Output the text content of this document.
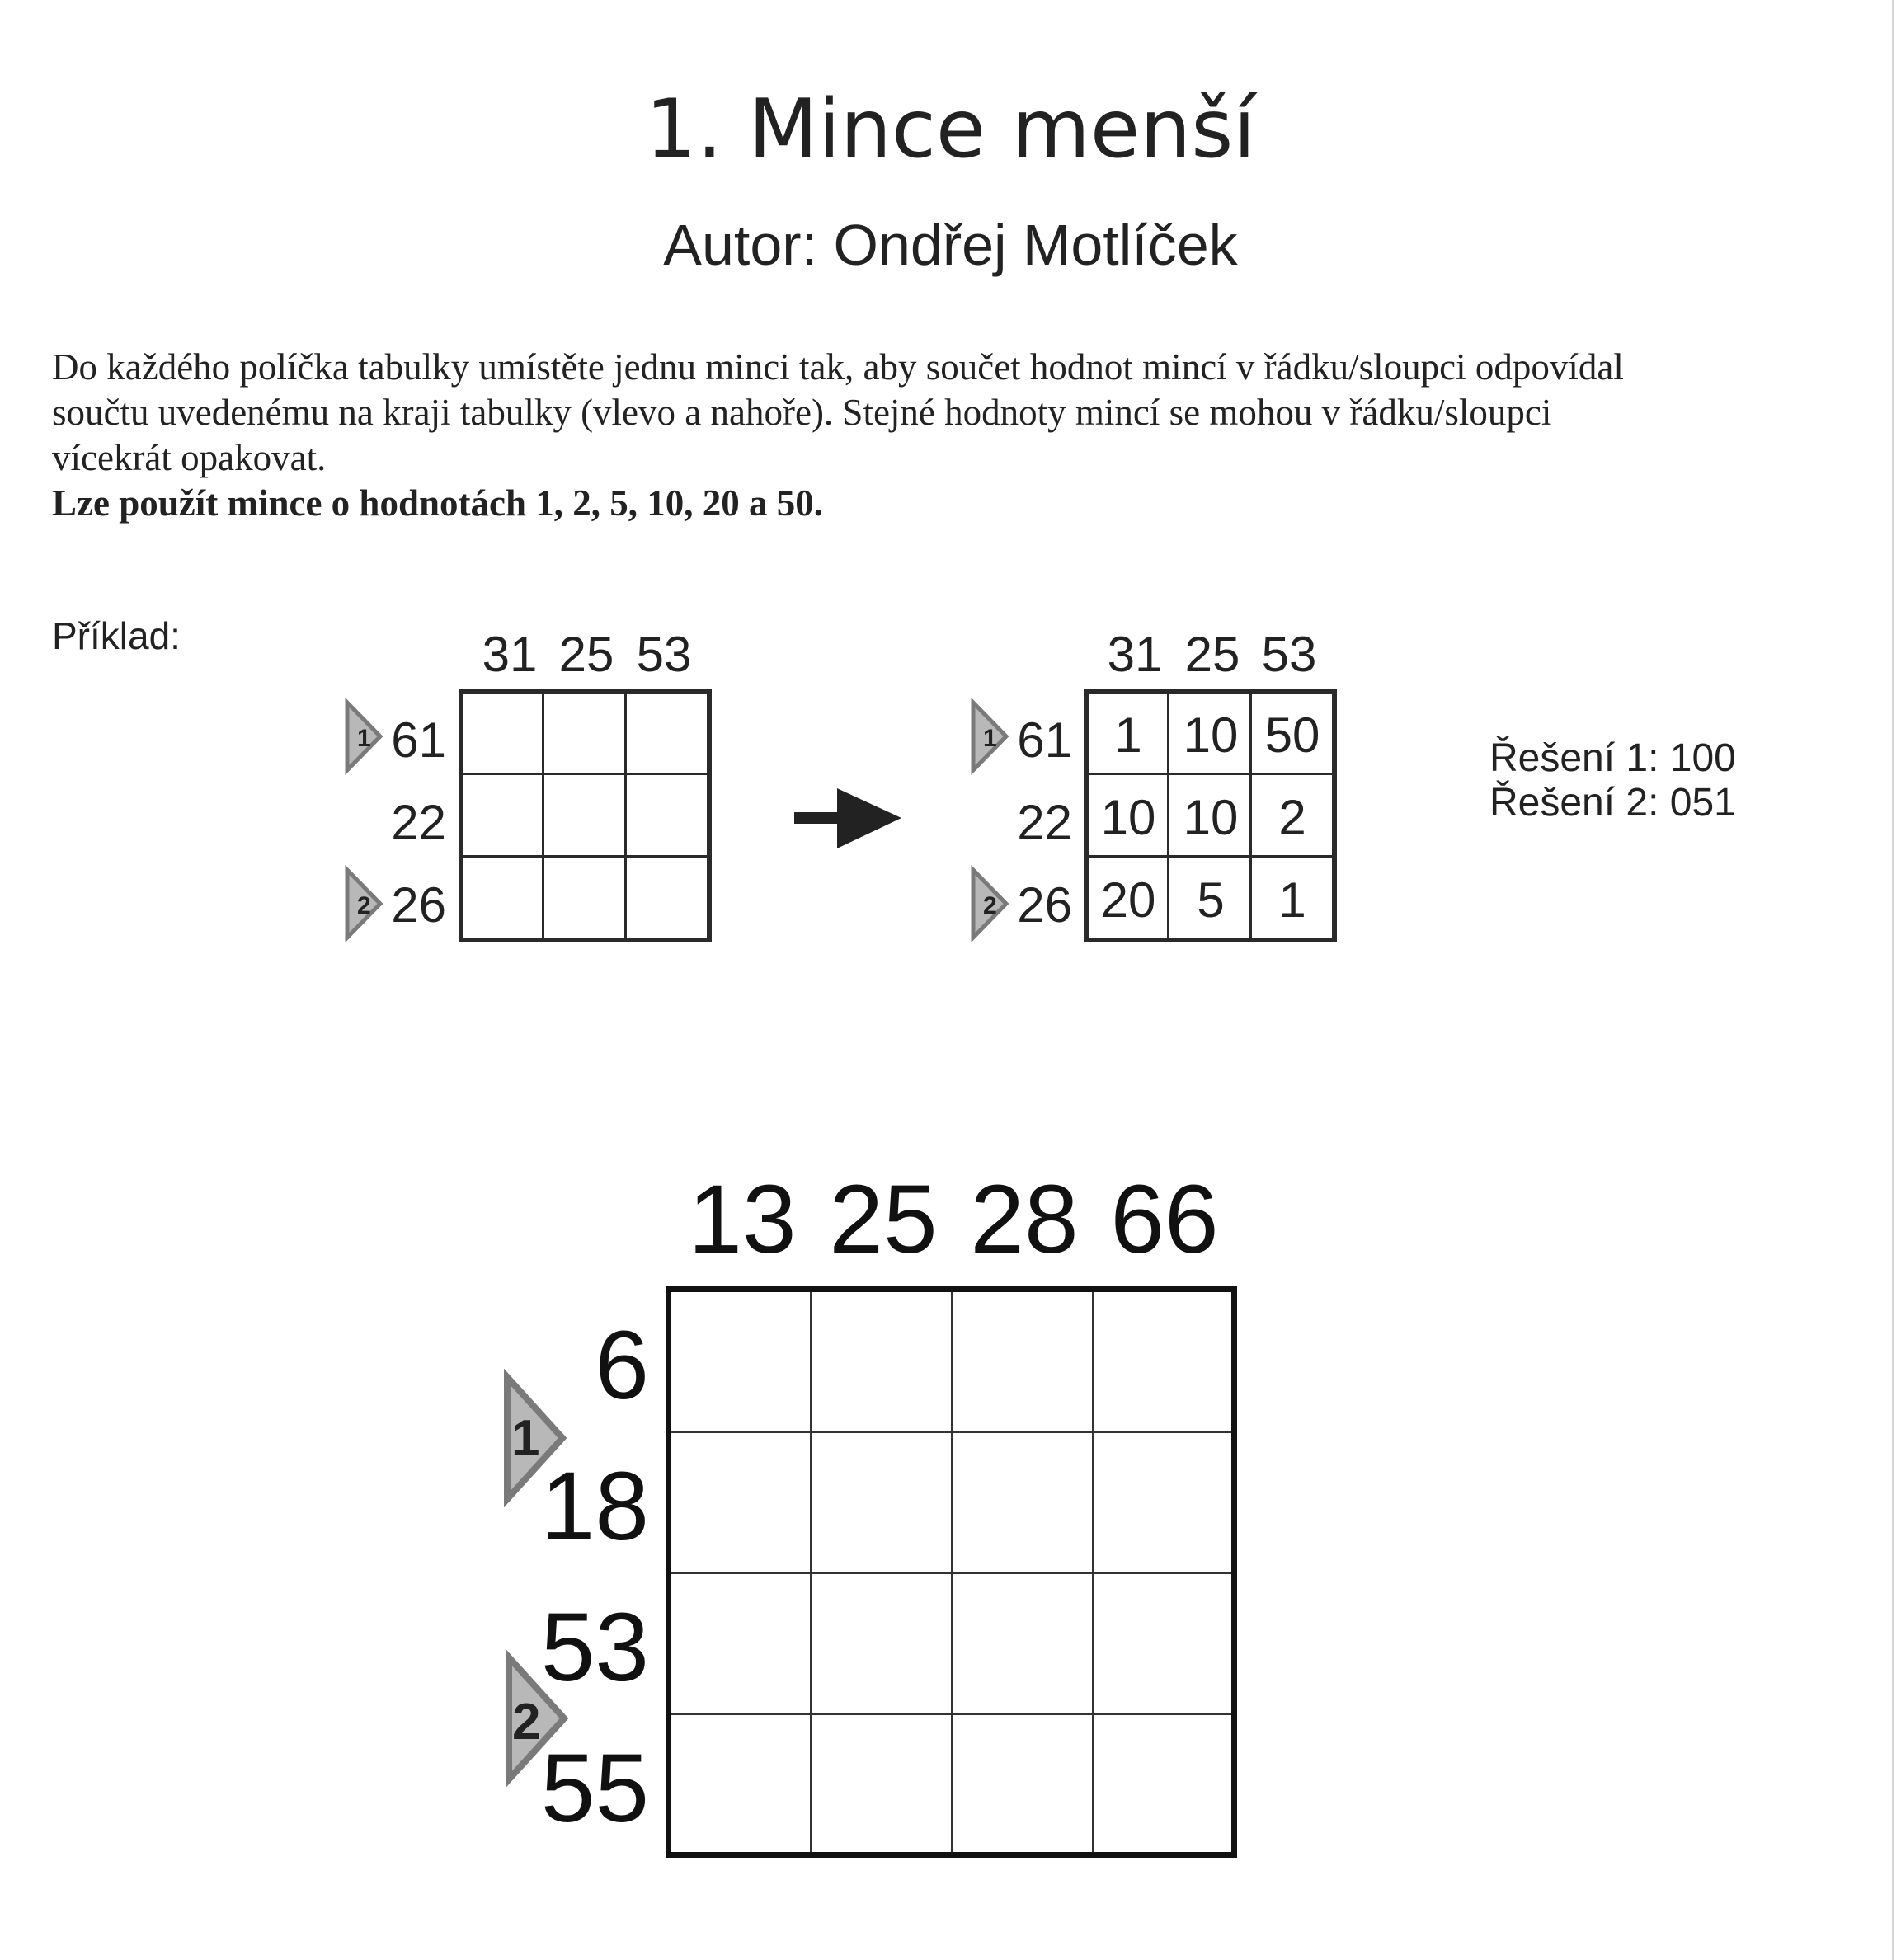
1. Mince menší
Autor: Ondřej Motlíček

Do každého políčka tabulky umístěte jednu minci tak, aby součet hodnot mincí v řádku/sloupci odpovídal

součtu uvedenému na kraji tabulky (vlevo a nahoře). Stejné hodnoty mincí se mohou v řádku/sloupci

vícekrát opakovat.

Lze použít mince o hodnotách 1, 2, 5, 10, 20 a 50.

Příklad:	31 25 53
1
2
61
22
26
31 25 53
1
2
61
22
26
1 10 50
10 10 2
20 5	1
Řešení 1: 100
Řešení 2: 051
13 25 28 66
6
18
53
55
1
2
